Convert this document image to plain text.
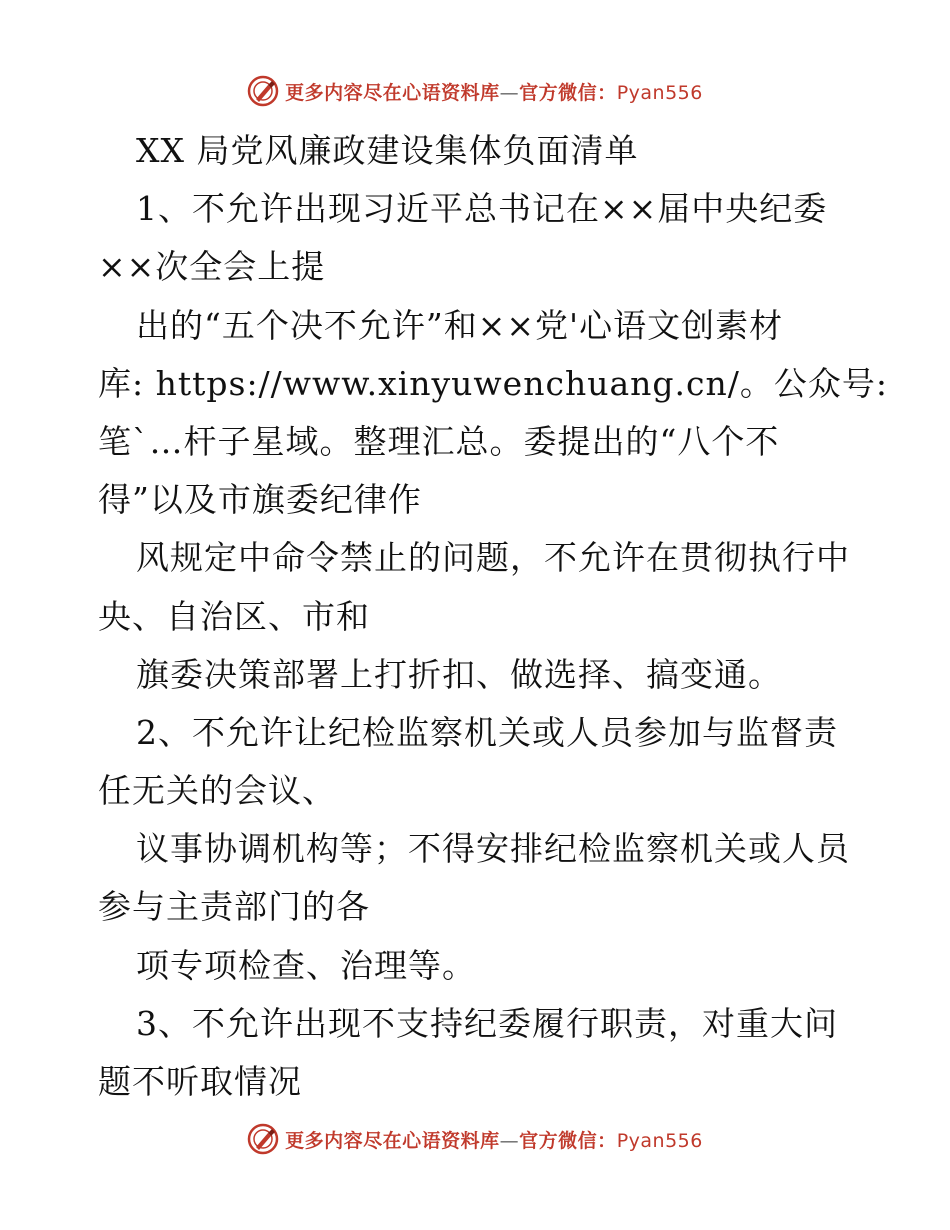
更多内容尽在心语资料库—官方微信：Pyan556
XX 局党风廉政建设集体负面清单
1、不允许出现习近平总书记在××届中央纪委
××次全会上提
出的“五个决不允许”和××党'心语文创素材
库: https://www.xinyuwenchuang.cn/。公众号:
笔`…杆子星域。整理汇总。委提出的“八个不
得”以及市旗委纪律作
风规定中命令禁止的问题，不允许在贯彻执行中
央、自治区、市和
旗委决策部署上打折扣、做选择、搞变通。
2、不允许让纪检监察机关或人员参加与监督责
任无关的会议、
议事协调机构等；不得安排纪检监察机关或人员
参与主责部门的各
项专项检查、治理等。
3、不允许出现不支持纪委履行职责，对重大问
题不听取情况
更多内容尽在心语资料库—官方微信：Pyan556
